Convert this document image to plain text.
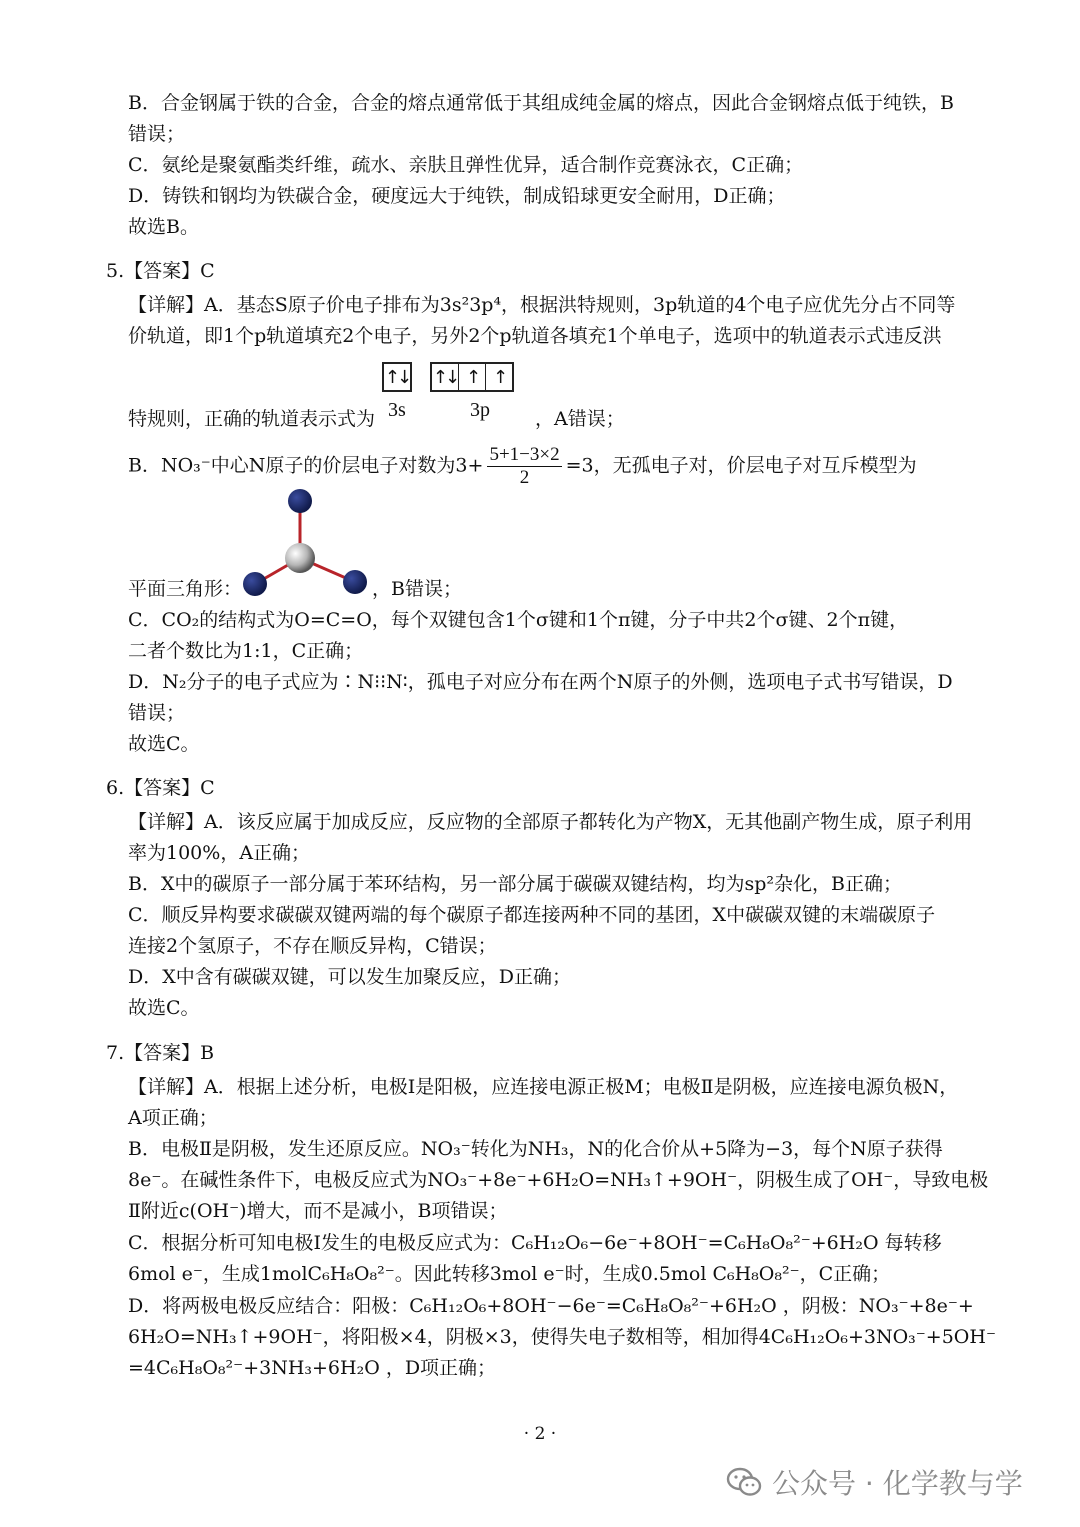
B．合金钢属于铁的合金，合金的熔点通常低于其组成纯金属的熔点，因此合金钢熔点低于纯铁，B
错误；
C．氨纶是聚氨酯类纤维，疏水、亲肤且弹性优异，适合制作竞赛泳衣，C正确；
D．铸铁和钢均为铁碳合金，硬度远大于纯铁，制成铅球更安全耐用，D正确；
故选B。
5.【答案】C
【详解】A．基态S原子价电子排布为3s²3p⁴，根据洪特规则，3p轨道的4个电子应优先分占不同等
价轨道，即1个p轨道填充2个电子，另外2个p轨道各填充1个单电子，选项中的轨道表示式违反洪
↑↓ ↑↓ ↑ ↑
3s	3p
特规则，正确的轨道表示式为	，A错误；
B．NO₃⁻中心N原子的价层电子对数为$3+ \frac{5+1-3\times 2}{2} =3$，无孤电子对，价层电子对互斥模型为
平面三角形：	，B错误；
C．CO₂的结构式为O=C=O，每个双键包含1个σ键和1个π键，分子中共2个σ键、2个π键，
二者个数比为1:1，C正确；
D．N₂分子的电子式应为∶N⁝⁝N∶，孤电子对应分布在两个N原子的外侧，选项电子式书写错误，D
错误；
故选C。
6.【答案】C
【详解】A．该反应属于加成反应，反应物的全部原子都转化为产物X，无其他副产物生成，原子利用
率为100%，A正确；
B．X中的碳原子一部分属于苯环结构，另一部分属于碳碳双键结构，均为sp²杂化，B正确；
C．顺反异构要求碳碳双键两端的每个碳原子都连接两种不同的基团，X中碳碳双键的末端碳原子
连接2个氢原子，不存在顺反异构，C错误；
D．X中含有碳碳双键，可以发生加聚反应，D正确；
故选C。
7.【答案】B
【详解】A．根据上述分析，电极Ⅰ是阳极，应连接电源正极M；电极Ⅱ是阴极，应连接电源负极N，
A项正确；
B．电极Ⅱ是阴极，发生还原反应。NO₃⁻转化为NH₃，N的化合价从+5降为−3，每个N原子获得
8e⁻。在碱性条件下，电极反应式为NO₃⁻+8e⁻+6H₂O=NH₃↑+9OH⁻，阴极生成了OH⁻，导致电极
Ⅱ附近c(OH⁻)增大，而不是减小，B项错误；
C．根据分析可知电极Ⅰ发生的电极反应式为：C₆H₁₂O₆−6e⁻+8OH⁻=C₆H₈O₈²⁻+6H₂O 每转移
6mol e⁻，生成1molC₆H₈O₈²⁻。因此转移3mol e⁻时，生成0.5mol C₆H₈O₈²⁻，C正确；
D．将两极电极反应结合：阳极：C₆H₁₂O₆+8OH⁻−6e⁻=C₆H₈O₈²⁻+6H₂O ，阴极：NO₃⁻+8e⁻+
6H₂O=NH₃↑+9OH⁻，将阳极×4，阴极×3，使得失电子数相等，相加得4C₆H₁₂O₆+3NO₃⁻+5OH⁻
=4C₆H₈O₈²⁻+3NH₃+6H₂O ，D项正确；
· 2 ·
公众号 · 化学教与学
